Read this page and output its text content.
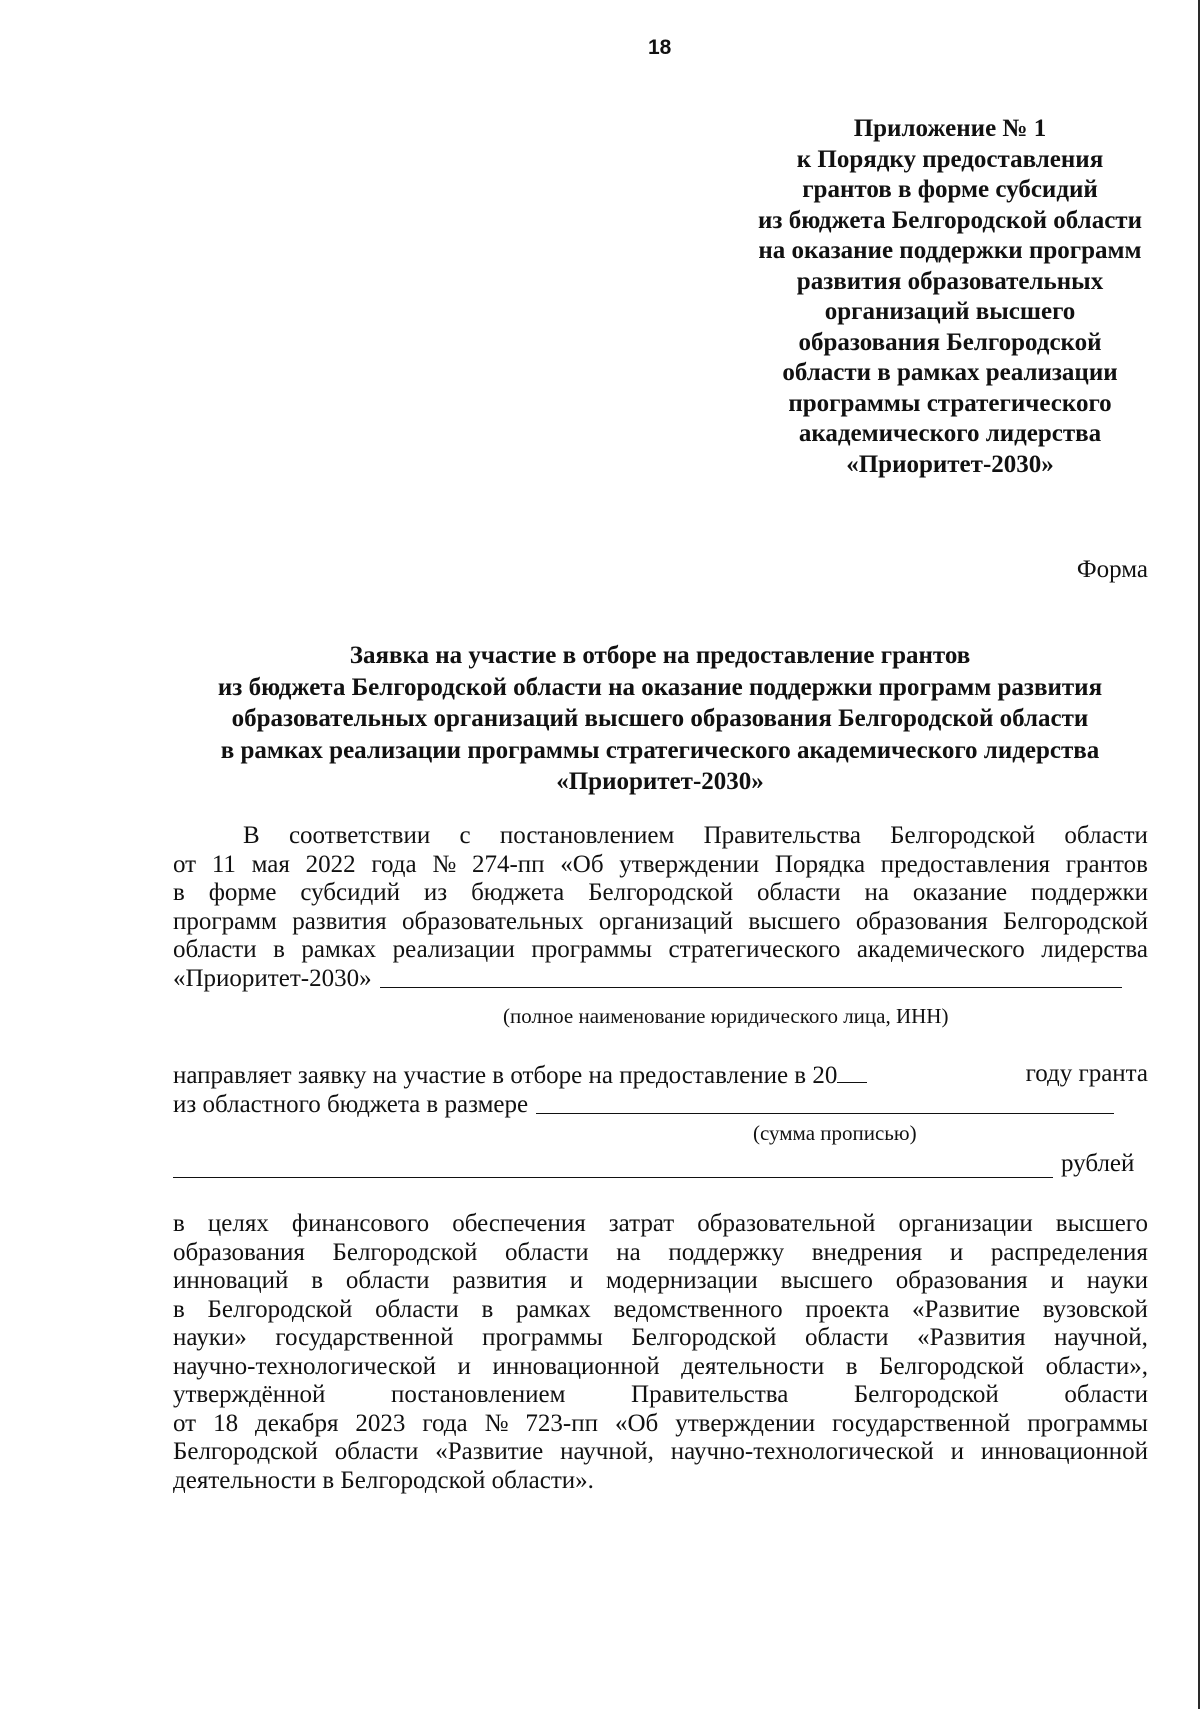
18
Приложение № 1
к Порядку предоставления
грантов в форме субсидий
из бюджета Белгородской области
на оказание поддержки программ
развития образовательных
организаций высшего
образования Белгородской
области в рамках реализации
программы стратегического
академического лидерства
«Приоритет-2030»
Форма
Заявка на участие в отборе на предоставление грантов
из бюджета Белгородской области на оказание поддержки программ развития
образовательных организаций высшего образования Белгородской области
в рамках реализации программы стратегического академического лидерства
«Приоритет-2030»
В соответствии с постановлением Правительства Белгородской области
от 11 мая 2022 года № 274-пп «Об утверждении Порядка предоставления грантов
в форме субсидий из бюджета Белгородской области на оказание поддержки
программ развития образовательных организаций высшего образования Белгородской
области в рамках реализации программы стратегического академического лидерства
«Приоритет-2030»
(полное наименование юридического лица, ИНН)
направляет заявку на участие в отборе на предоставление в 20	году гранта
из областного бюджета в размере
(сумма прописью)
рублей
в целях финансового обеспечения затрат образовательной организации высшего
образования Белгородской области на поддержку внедрения и распределения
инноваций в области развития и модернизации высшего образования и науки
в Белгородской области в рамках ведомственного проекта «Развитие вузовской
науки» государственной программы Белгородской области «Развития научной,
научно-технологической и инновационной деятельности в Белгородской области»,
утверждённой	постановлением	Правительства	Белгородской	области
от 18 декабря 2023 года № 723-пп «Об утверждении государственной программы
Белгородской области «Развитие научной, научно-технологической и инновационной
деятельности в Белгородской области».
